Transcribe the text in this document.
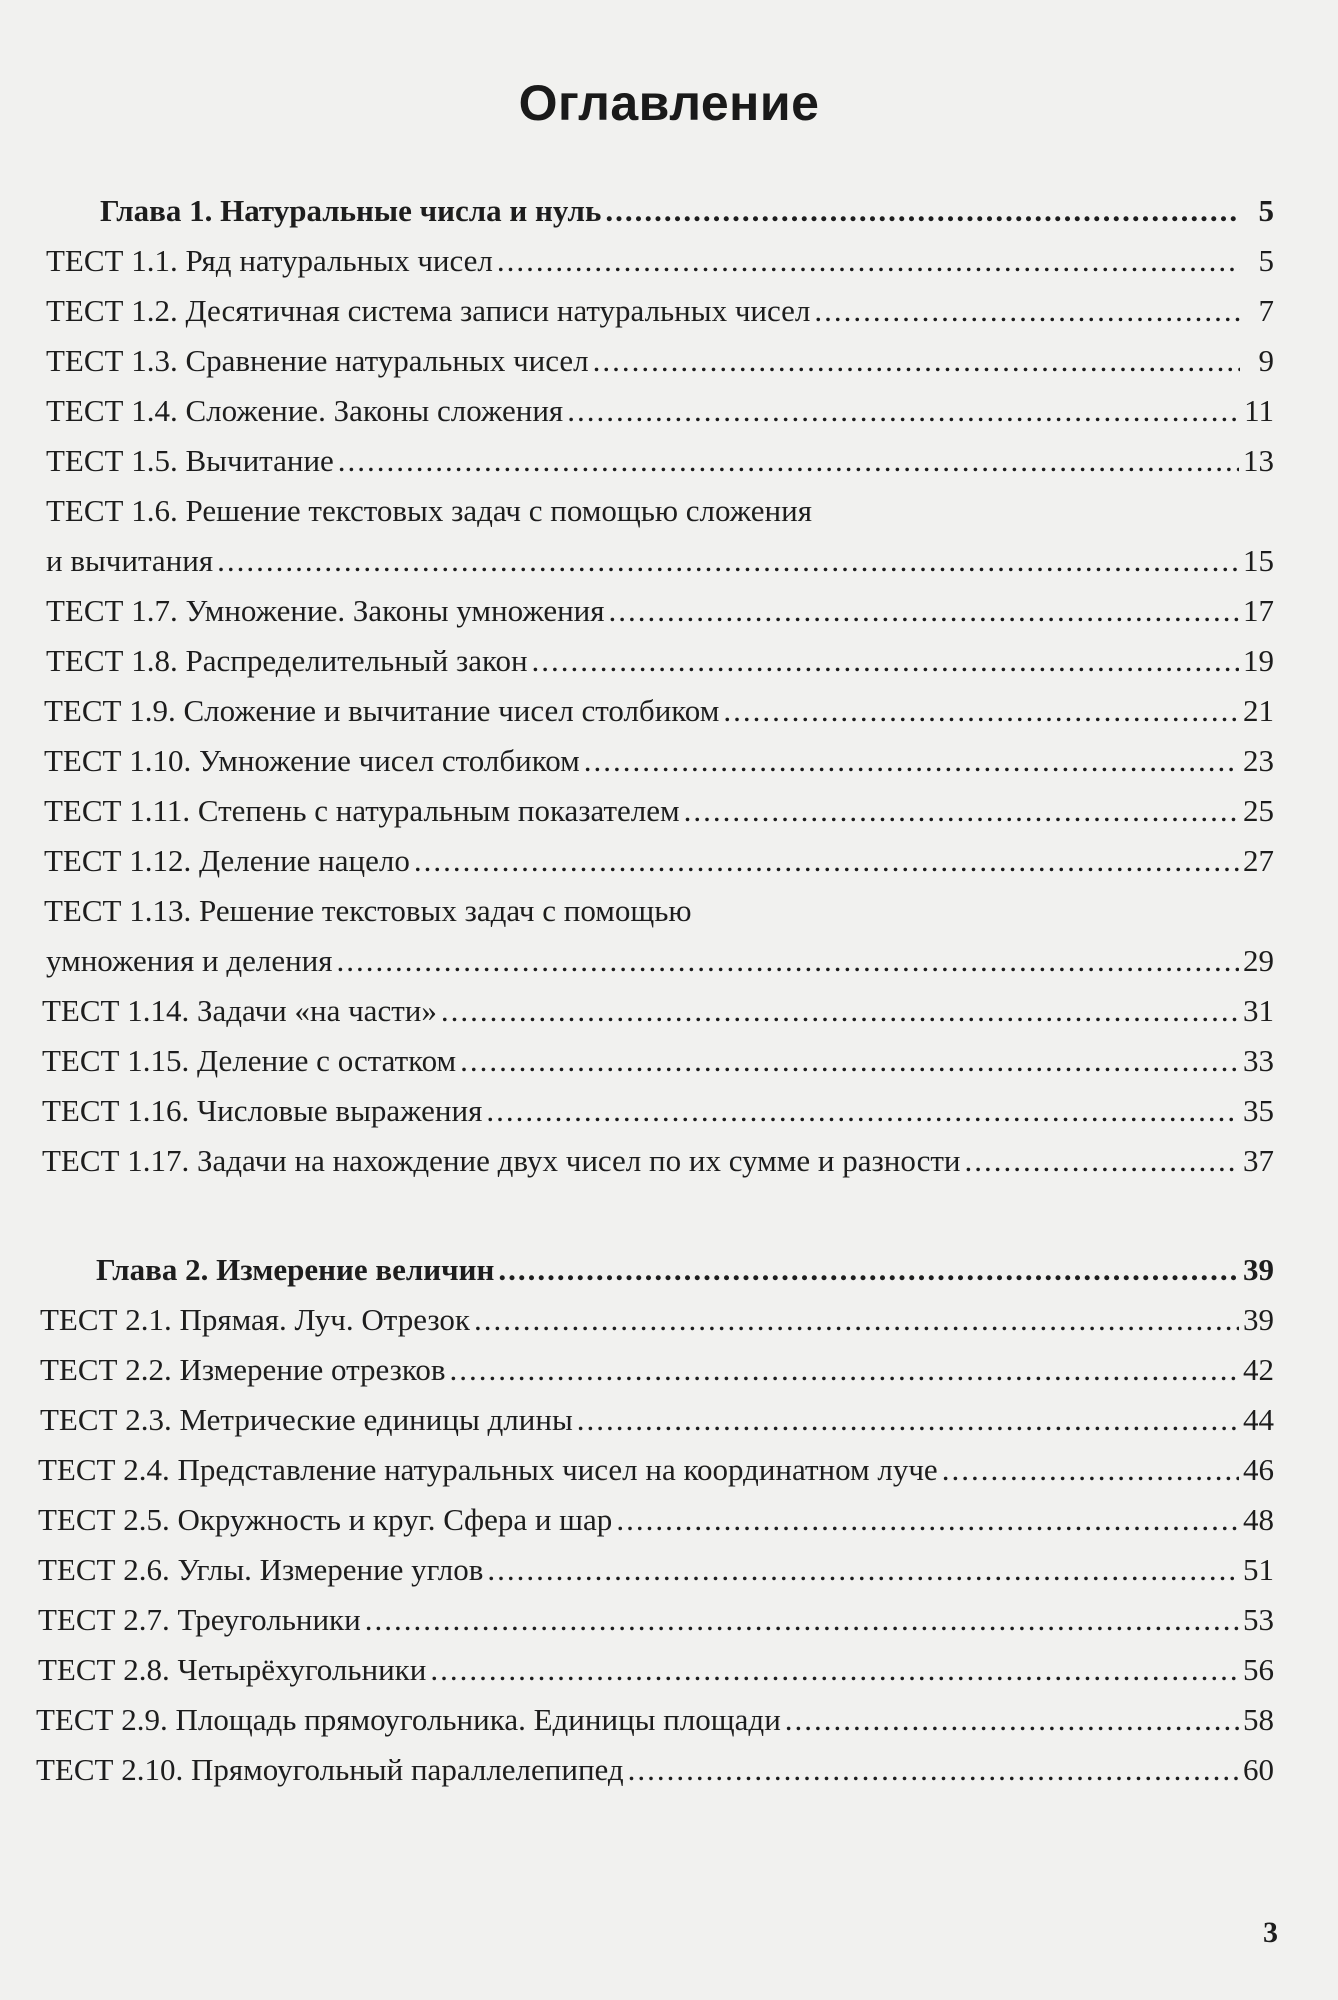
Оглавление
Глава 1. Натуральные числа и нуль .....	5
ТЕСТ 1.1. Ряд натуральных чисел .....	5
ТЕСТ 1.2. Десятичная система записи натуральных чисел .....	7
ТЕСТ 1.3. Сравнение натуральных чисел .....	9
ТЕСТ 1.4. Сложение. Законы сложения .....	11
ТЕСТ 1.5. Вычитание .....	13
ТЕСТ 1.6. Решение текстовых задач с помощью сложения
и вычитания .....	15
ТЕСТ 1.7. Умножение. Законы умножения .....	17
ТЕСТ 1.8. Распределительный закон .....	19
ТЕСТ 1.9. Сложение и вычитание чисел столбиком .....	21
ТЕСТ 1.10. Умножение чисел столбиком .....	23
ТЕСТ 1.11. Степень с натуральным показателем .....	25
ТЕСТ 1.12. Деление нацело .....	27
ТЕСТ 1.13. Решение текстовых задач с помощью
умножения и деления .....	29
ТЕСТ 1.14. Задачи «на части» .....	31
ТЕСТ 1.15. Деление с остатком .....	33
ТЕСТ 1.16. Числовые выражения .....	35
ТЕСТ 1.17. Задачи на нахождение двух чисел по их сумме и разности .....	37
Глава 2. Измерение величин .....	39
ТЕСТ 2.1. Прямая. Луч. Отрезок .....	39
ТЕСТ 2.2. Измерение отрезков .....	42
ТЕСТ 2.3. Метрические единицы длины .....	44
ТЕСТ 2.4. Представление натуральных чисел на координатном луче .....	46
ТЕСТ 2.5. Окружность и круг. Сфера и шар .....	48
ТЕСТ 2.6. Углы. Измерение углов .....	51
ТЕСТ 2.7. Треугольники .....	53
ТЕСТ 2.8. Четырёхугольники .....	56
ТЕСТ 2.9. Площадь прямоугольника. Единицы площади .....	58
ТЕСТ 2.10. Прямоугольный параллелепипед .....	60
3
